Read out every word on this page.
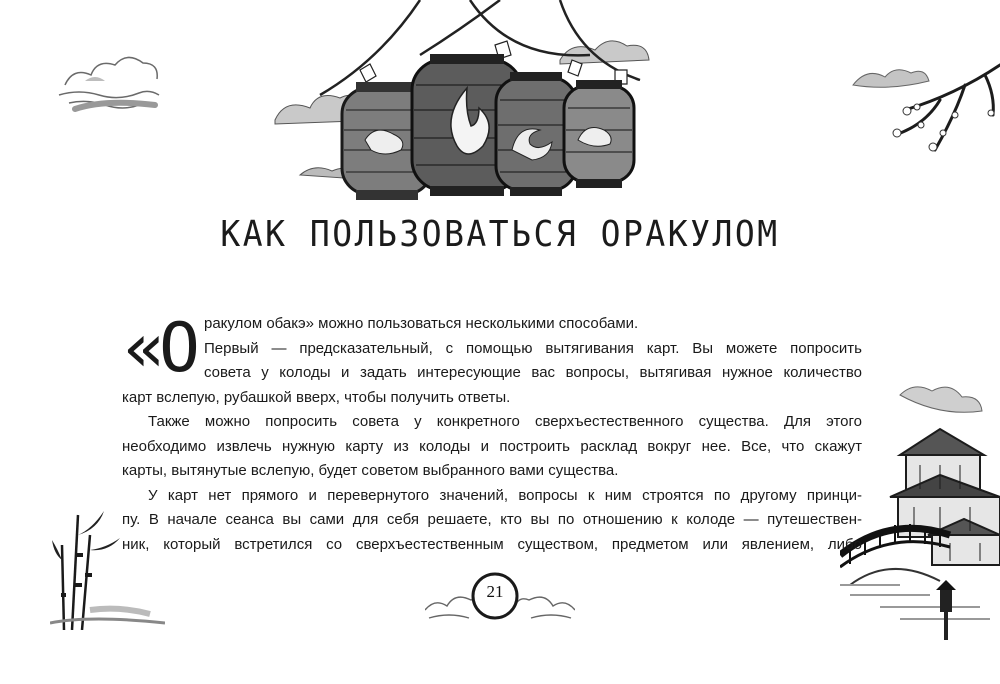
КАК ПОЛЬЗОВАТЬСЯ ОРАКУЛОМ
«О ракулом обакэ» можно пользоваться несколькими способами.
Первый — предсказательный, с помощью вытягивания карт. Вы можете попросить
совета у колоды и задать интересующие вас вопросы, вытягивая нужное количество
карт вслепую, рубашкой вверх, чтобы получить ответы.
Также можно попросить совета у конкретного сверхъестественного существа. Для этого
необходимо извлечь нужную карту из колоды и построить расклад вокруг нее. Все, что скажут
карты, вытянутые вслепую, будет советом выбранного вами существа.
У карт нет прямого и перевернутого значений, вопросы к ним строятся по другому принци-
пу. В начале сеанса вы сами для себя решаете, кто вы по отношению к колоде — путешествен-
ник, который встретился со сверхъестественным существом, предметом или явлением, либо
21
